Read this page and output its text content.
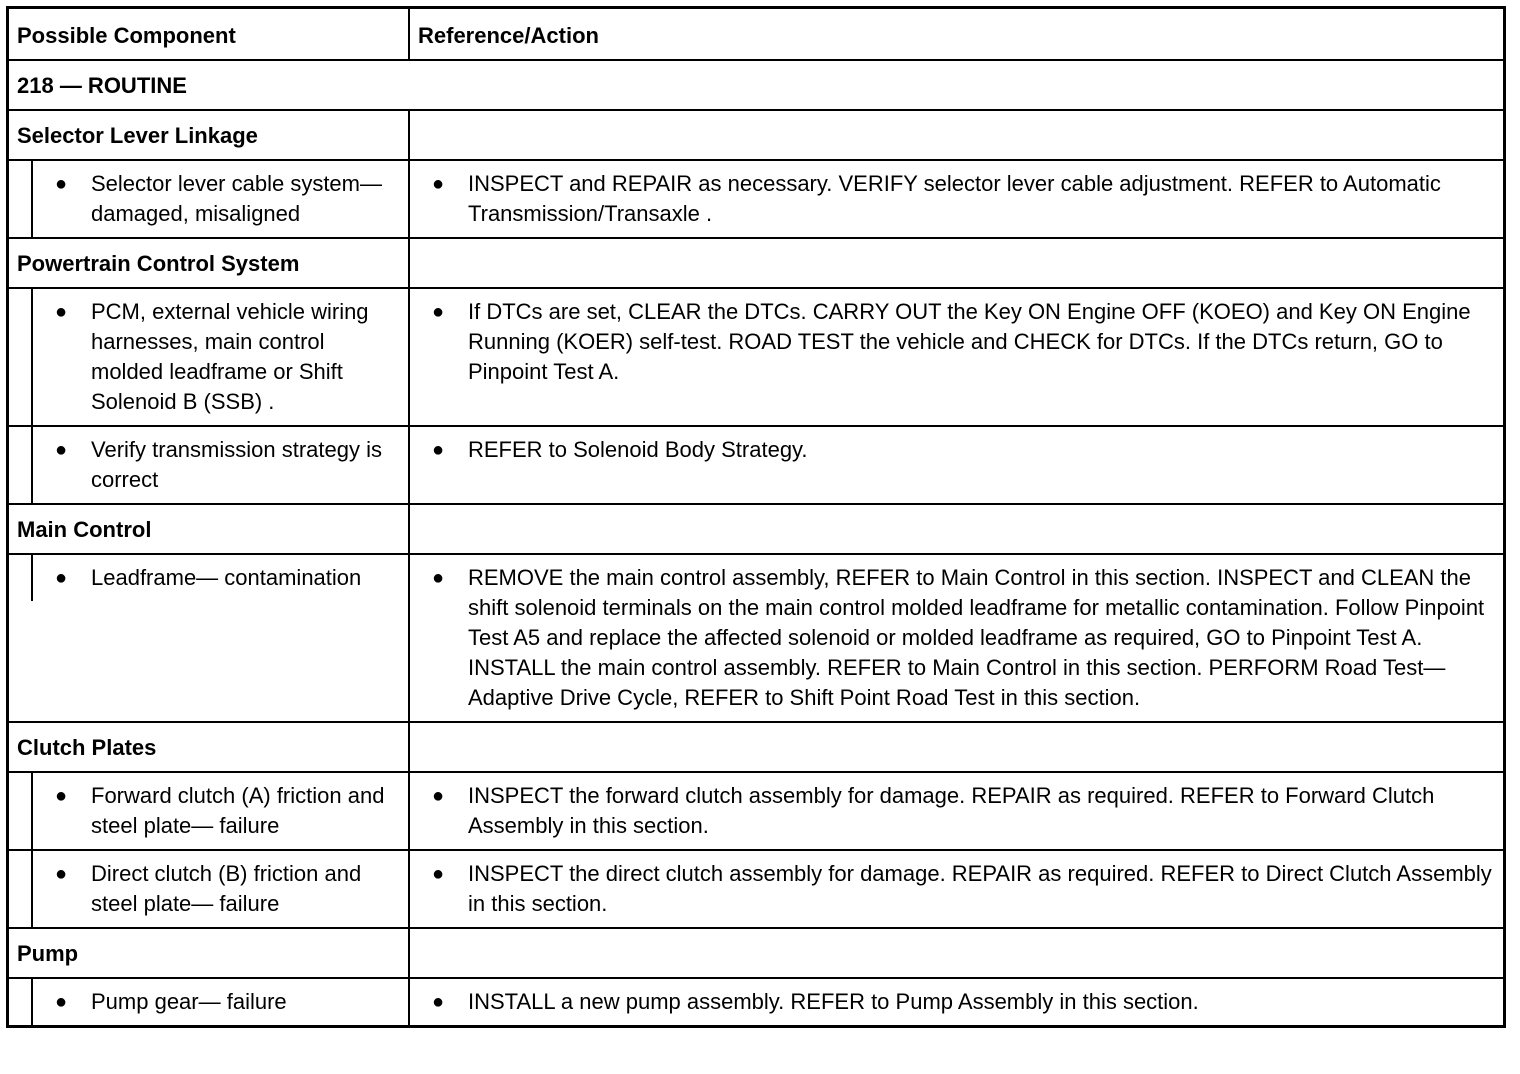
Possible Component	Reference/Action
218 — ROUTINE	
Selector Lever Linkage	

● Selector lever cable system— damaged, misaligned	● INSPECT and REPAIR as necessary. VERIFY selector lever cable adjustment. REFER to Automatic Transmission/Transaxle .

Powertrain Control System	

● PCM, external vehicle wiring harnesses, main control molded leadframe or Shift Solenoid B (SSB) .	● If DTCs are set, CLEAR the DTCs. CARRY OUT the Key ON Engine OFF (KOEO) and Key ON Engine Running (KOER) self-test. ROAD TEST the vehicle and CHECK for DTCs. If the DTCs return, GO to Pinpoint Test A.

● Verify transmission strategy is correct	● REFER to Solenoid Body Strategy.

Main Control	

● Leadframe— contamination	● REMOVE the main control assembly, REFER to Main Control in this section. INSPECT and CLEAN the shift solenoid terminals on the main control molded leadframe for metallic contamination. Follow Pinpoint Test A5 and replace the affected solenoid or molded leadframe as required, GO to Pinpoint Test A. INSTALL the main control assembly. REFER to Main Control in this section. PERFORM Road Test— Adaptive Drive Cycle, REFER to Shift Point Road Test in this section.

Clutch Plates	

● Forward clutch (A) friction and steel plate— failure	● INSPECT the forward clutch assembly for damage. REPAIR as required. REFER to Forward Clutch Assembly in this section.

● Direct clutch (B) friction and steel plate— failure	● INSPECT the direct clutch assembly for damage. REPAIR as required. REFER to Direct Clutch Assembly in this section.

Pump	

● Pump gear— failure	● INSTALL a new pump assembly. REFER to Pump Assembly in this section.
